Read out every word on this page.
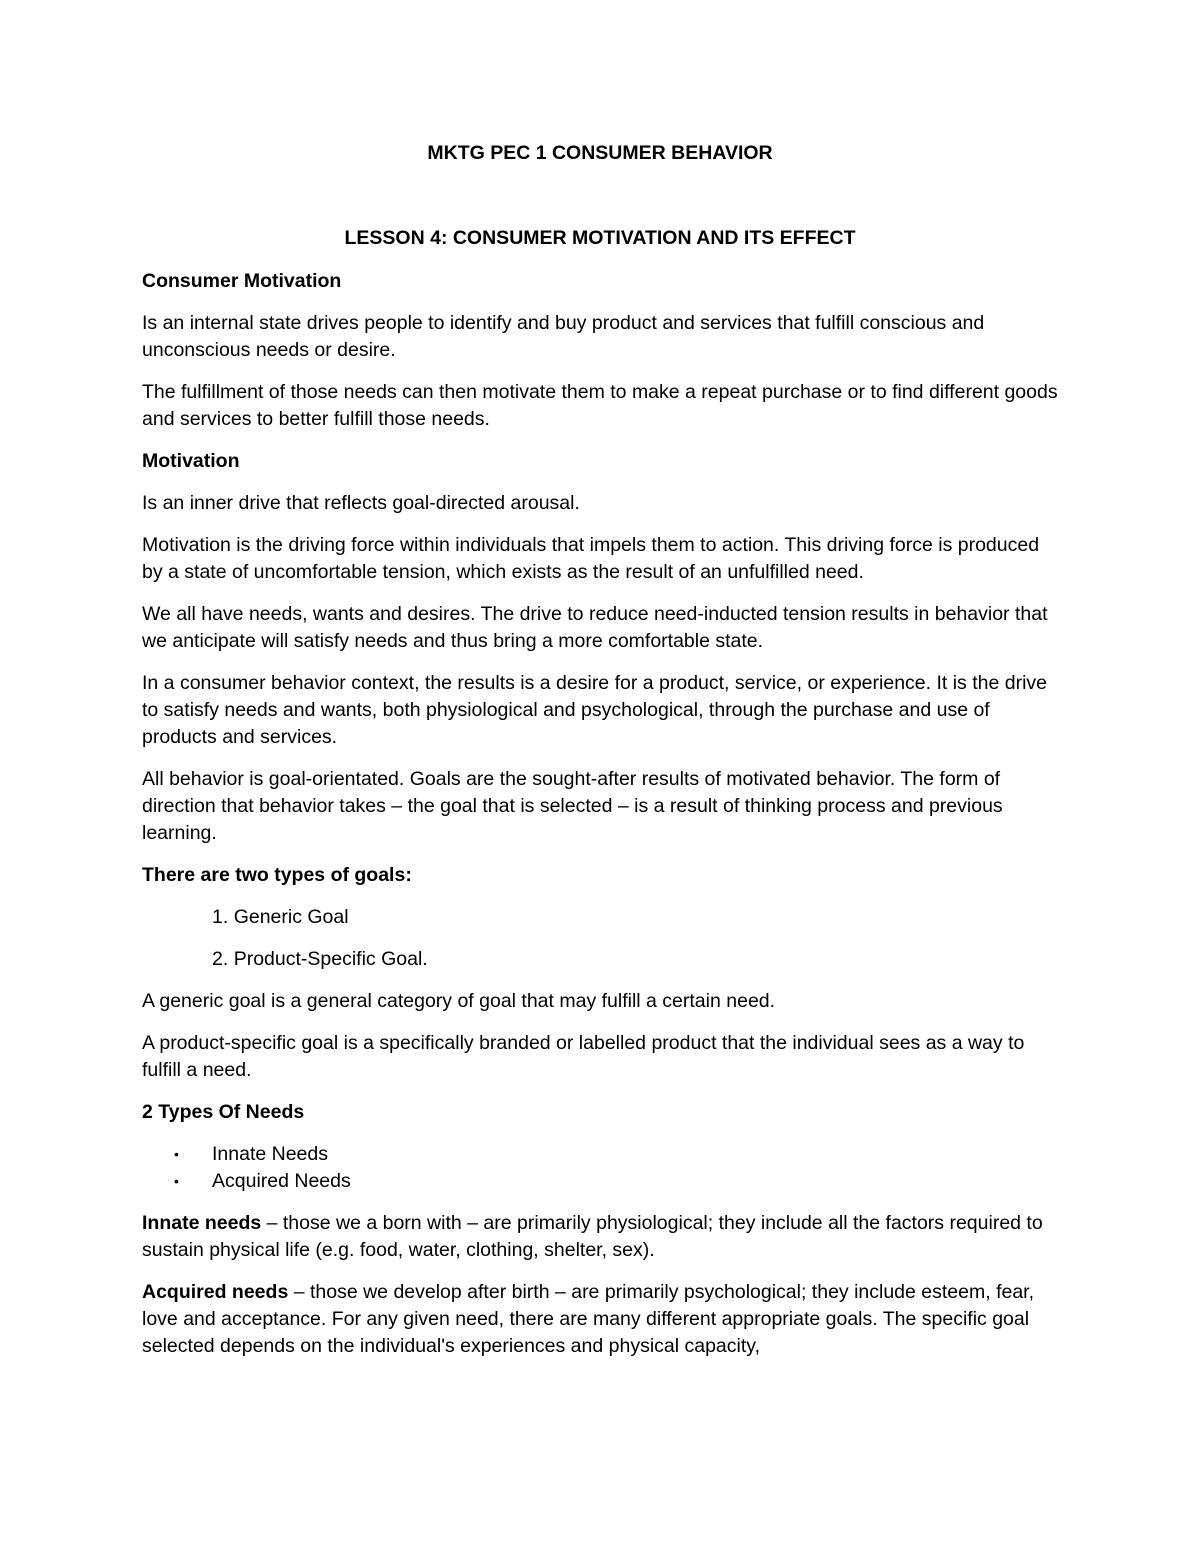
MKTG PEC 1 CONSUMER BEHAVIOR

LESSON 4: CONSUMER MOTIVATION AND ITS EFFECT

Consumer Motivation

Is an internal state drives people to identify and buy product and services that fulfill conscious and unconscious needs or desire.

The fulfillment of those needs can then motivate them to make a repeat purchase or to find different goods and services to better fulfill those needs.

Motivation

Is an inner drive that reflects goal-directed arousal.

Motivation is the driving force within individuals that impels them to action. This driving force is produced by a state of uncomfortable tension, which exists as the result of an unfulfilled need.

We all have needs, wants and desires. The drive to reduce need-inducted tension results in behavior that we anticipate will satisfy needs and thus bring a more comfortable state.

In a consumer behavior context, the results is a desire for a product, service, or experience. It is the drive to satisfy needs and wants, both physiological and psychological, through the purchase and use of products and services.

All behavior is goal-orientated. Goals are the sought-after results of motivated behavior. The form of direction that behavior takes – the goal that is selected – is a result of thinking process and previous learning.

There are two types of goals:

1. Generic Goal

2. Product-Specific Goal.

A generic goal is a general category of goal that may fulfill a certain need.

A product-specific goal is a specifically branded or labelled product that the individual sees as a way to fulfill a need.

2 Types Of Needs

• Innate Needs
• Acquired Needs

Innate needs – those we a born with – are primarily physiological; they include all the factors required to sustain physical life (e.g. food, water, clothing, shelter, sex).

Acquired needs – those we develop after birth – are primarily psychological; they include esteem, fear, love and acceptance. For any given need, there are many different appropriate goals. The specific goal selected depends on the individual's experiences and physical capacity,
